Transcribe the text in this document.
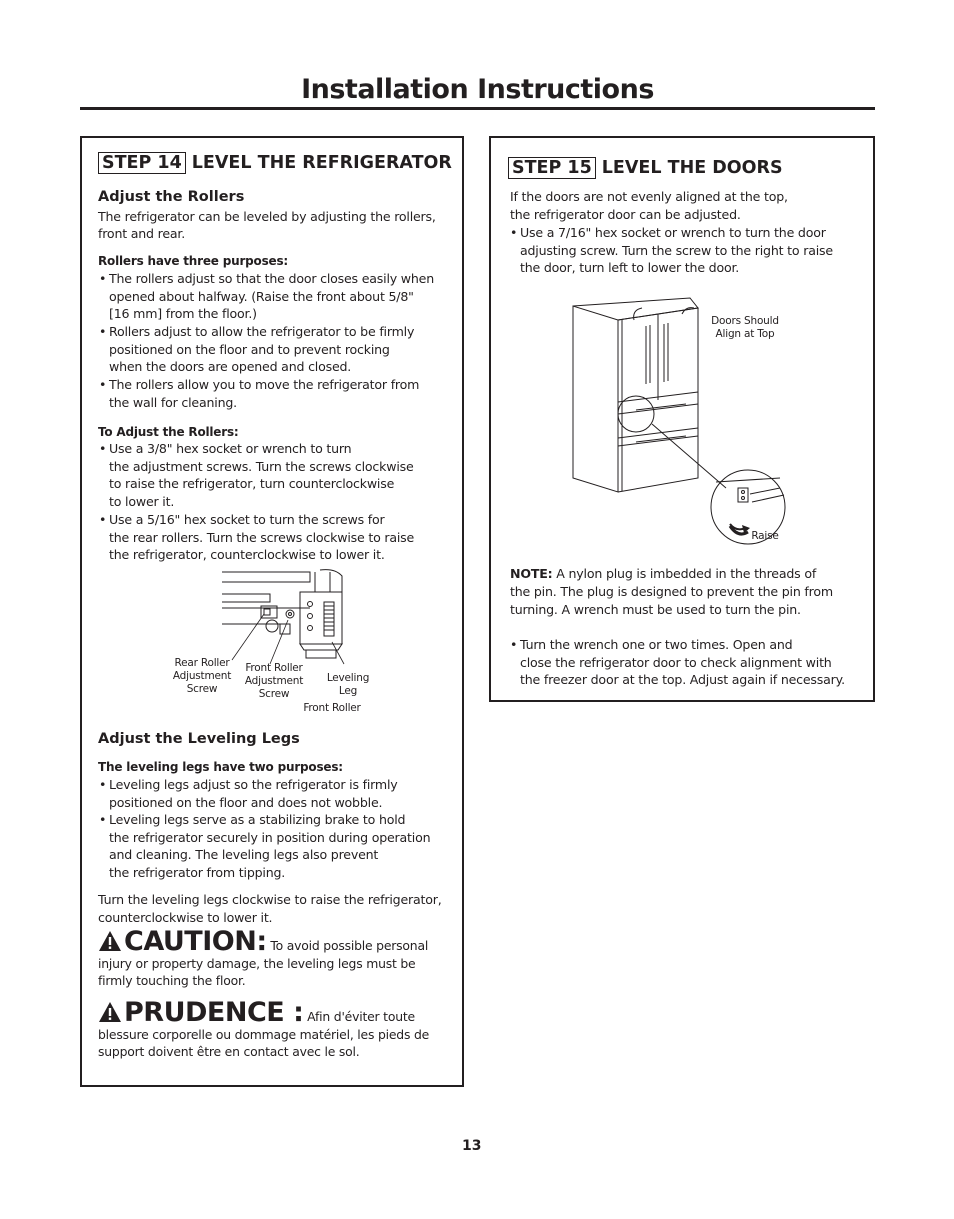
Installation Instructions
STEP 14 LEVEL THE REFRIGERATOR
Adjust the Rollers
The refrigerator can be leveled by adjusting the rollers,
front and rear.
Rollers have three purposes:
• The rollers adjust so that the door closes easily when
opened about halfway. (Raise the front about 5/8"
[16 mm] from the floor.)
• Rollers adjust to allow the refrigerator to be firmly
positioned on the floor and to prevent rocking
when the doors are opened and closed.
• The rollers allow you to move the refrigerator from
the wall for cleaning.
To Adjust the Rollers:
• Use a 3/8" hex socket or wrench to turn
the adjustment screws. Turn the screws clockwise
to raise the refrigerator, turn counterclockwise
to lower it.
• Use a 5/16" hex socket to turn the screws for
the rear rollers. Turn the screws clockwise to raise
the refrigerator, counterclockwise to lower it.
Rear Roller
Adjustment
Screw
Front Roller
Adjustment
Screw
Leveling
Leg
Front Roller
Adjust the Leveling Legs
The leveling legs have two purposes:
• Leveling legs adjust so the refrigerator is firmly
positioned on the floor and does not wobble.
• Leveling legs serve as a stabilizing brake to hold
the refrigerator securely in position during operation
and cleaning. The leveling legs also prevent
the refrigerator from tipping.
Turn the leveling legs clockwise to raise the refrigerator,
counterclockwise to lower it.
CAUTION: To avoid possible personal
injury or property damage, the leveling legs must be
firmly touching the floor.
PRUDENCE : Afin d'éviter toute
blessure corporelle ou dommage matériel, les pieds de
support doivent être en contact avec le sol.
STEP 15 LEVEL THE DOORS
If the doors are not evenly aligned at the top,
the refrigerator door can be adjusted.
• Use a 7/16" hex socket or wrench to turn the door
adjusting screw. Turn the screw to the right to raise
the door, turn left to lower the door.
Doors Should
Align at Top
Raise
NOTE: A nylon plug is imbedded in the threads of
the pin. The plug is designed to prevent the pin from
turning. A wrench must be used to turn the pin.
• Turn the wrench one or two times. Open and
close the refrigerator door to check alignment with
the freezer door at the top. Adjust again if necessary.
13
